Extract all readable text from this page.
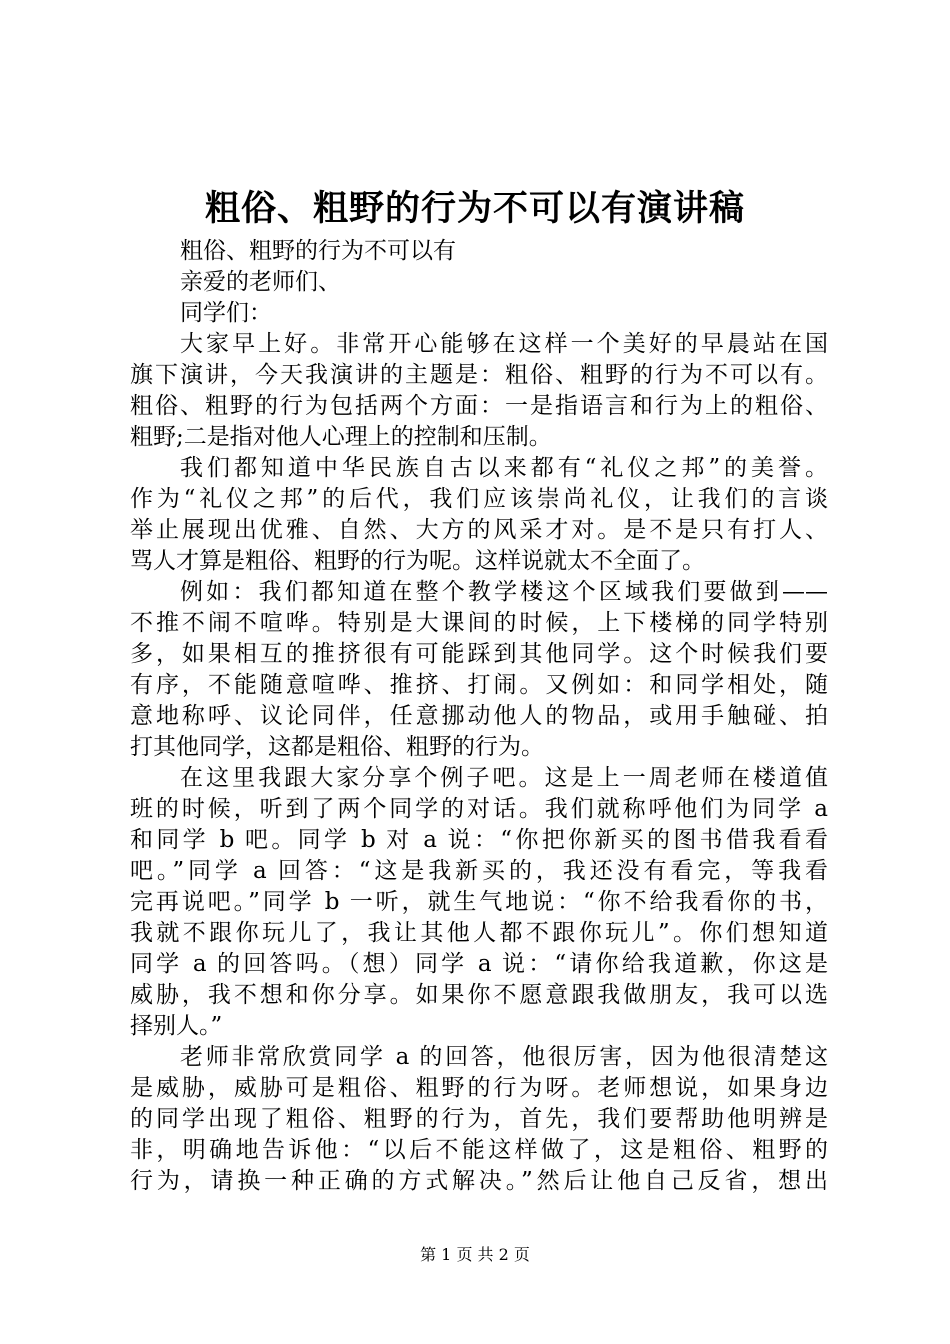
粗俗、粗野的行为不可以有演讲稿
粗俗、粗野的行为不可以有
亲爱的老师们、
同学们：
大家早上好。非常开心能够在这样一个美好的早晨站在国
旗下演讲，今天我演讲的主题是：粗俗、粗野的行为不可以有。
粗俗、粗野的行为包括两个方面：一是指语言和行为上的粗俗、
粗野;二是指对他人心理上的控制和压制。
我们都知道中华民族自古以来都有“礼仪之邦”的美誉。
作为“礼仪之邦”的后代，我们应该崇尚礼仪，让我们的言谈
举止展现出优雅、自然、大方的风采才对。是不是只有打人、
骂人才算是粗俗、粗野的行为呢。这样说就太不全面了。
例如：我们都知道在整个教学楼这个区域我们要做到——
不推不闹不喧哗。特别是大课间的时候，上下楼梯的同学特别
多，如果相互的推挤很有可能踩到其他同学。这个时候我们要
有序，不能随意喧哗、推挤、打闹。又例如：和同学相处，随
意地称呼、议论同伴，任意挪动他人的物品，或用手触碰、拍
打其他同学，这都是粗俗、粗野的行为。
在这里我跟大家分享个例子吧。这是上一周老师在楼道值
班的时候，听到了两个同学的对话。我们就称呼他们为同学 a
和同学 b 吧。同学 b 对 a 说：“你把你新买的图书借我看看
吧。”同学 a 回答：“这是我新买的，我还没有看完，等我看
完再说吧。”同学 b 一听，就生气地说：“你不给我看你的书，
我就不跟你玩儿了，我让其他人都不跟你玩儿”。你们想知道
同学 a 的回答吗。（想）同学 a 说：“请你给我道歉，你这是
威胁，我不想和你分享。如果你不愿意跟我做朋友，我可以选
择别人。”
老师非常欣赏同学 a 的回答，他很厉害，因为他很清楚这
是威胁，威胁可是粗俗、粗野的行为呀。老师想说，如果身边
的同学出现了粗俗、粗野的行为，首先，我们要帮助他明辨是
非，明确地告诉他：“以后不能这样做了，这是粗俗、粗野的
行为，请换一种正确的方式解决。”然后让他自己反省，想出
第 1 页 共 2 页
